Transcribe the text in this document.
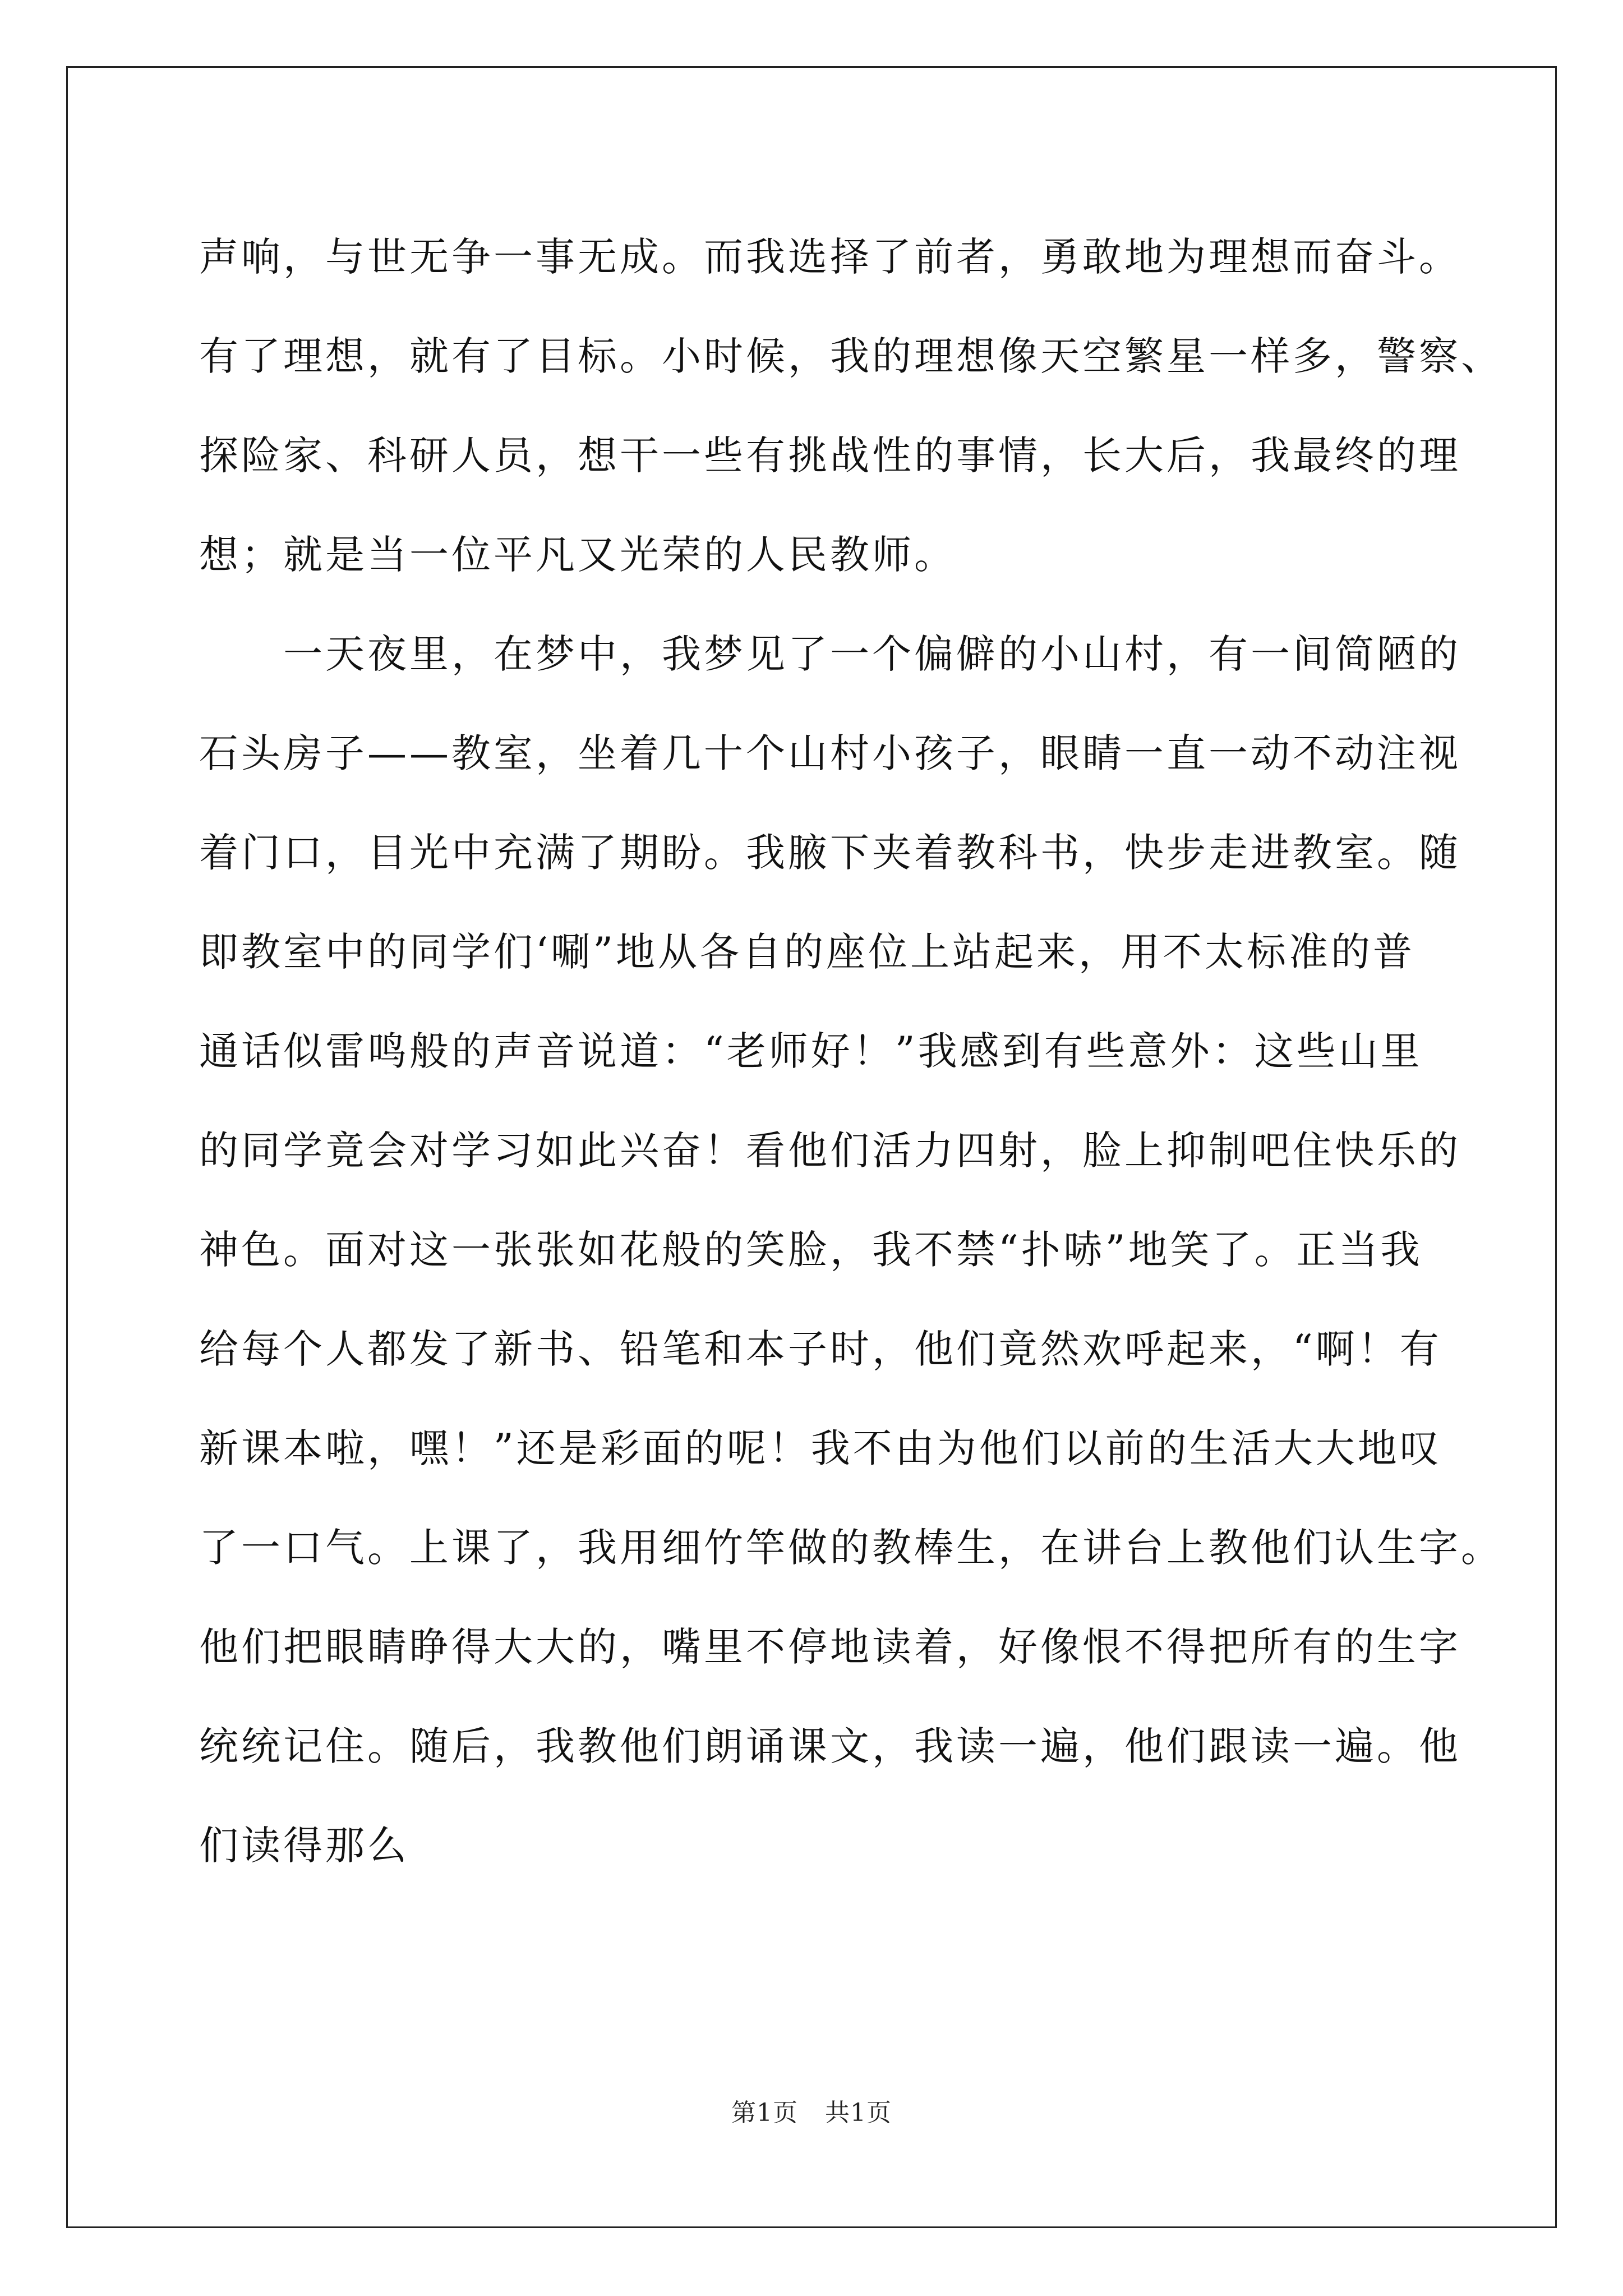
声响，与世无争一事无成。而我选择了前者，勇敢地为理想而奋斗。
有了理想，就有了目标。小时候，我的理想像天空繁星一样多，警察、
探险家、科研人员，想干一些有挑战性的事情，长大后，我最终的理
想；就是当一位平凡又光荣的人民教师。
　　一天夜里，在梦中，我梦见了一个偏僻的小山村，有一间简陋的
石头房子——教室，坐着几十个山村小孩子，眼睛一直一动不动注视
着门口，目光中充满了期盼。我腋下夹着教科书，快步走进教室。随
即教室中的同学们‘唰”地从各自的座位上站起来，用不太标准的普
通话似雷鸣般的声音说道：“老师好！”我感到有些意外：这些山里
的同学竟会对学习如此兴奋！看他们活力四射，脸上抑制吧住快乐的
神色。面对这一张张如花般的笑脸，我不禁“扑哧”地笑了。正当我
给每个人都发了新书、铅笔和本子时，他们竟然欢呼起来，“啊！有
新课本啦，嘿！”还是彩面的呢！我不由为他们以前的生活大大地叹
了一口气。上课了，我用细竹竿做的教棒生，在讲台上教他们认生字。
他们把眼睛睁得大大的，嘴里不停地读着，好像恨不得把所有的生字
统统记住。随后，我教他们朗诵课文，我读一遍，他们跟读一遍。他
们读得那么
第1页 共1页
